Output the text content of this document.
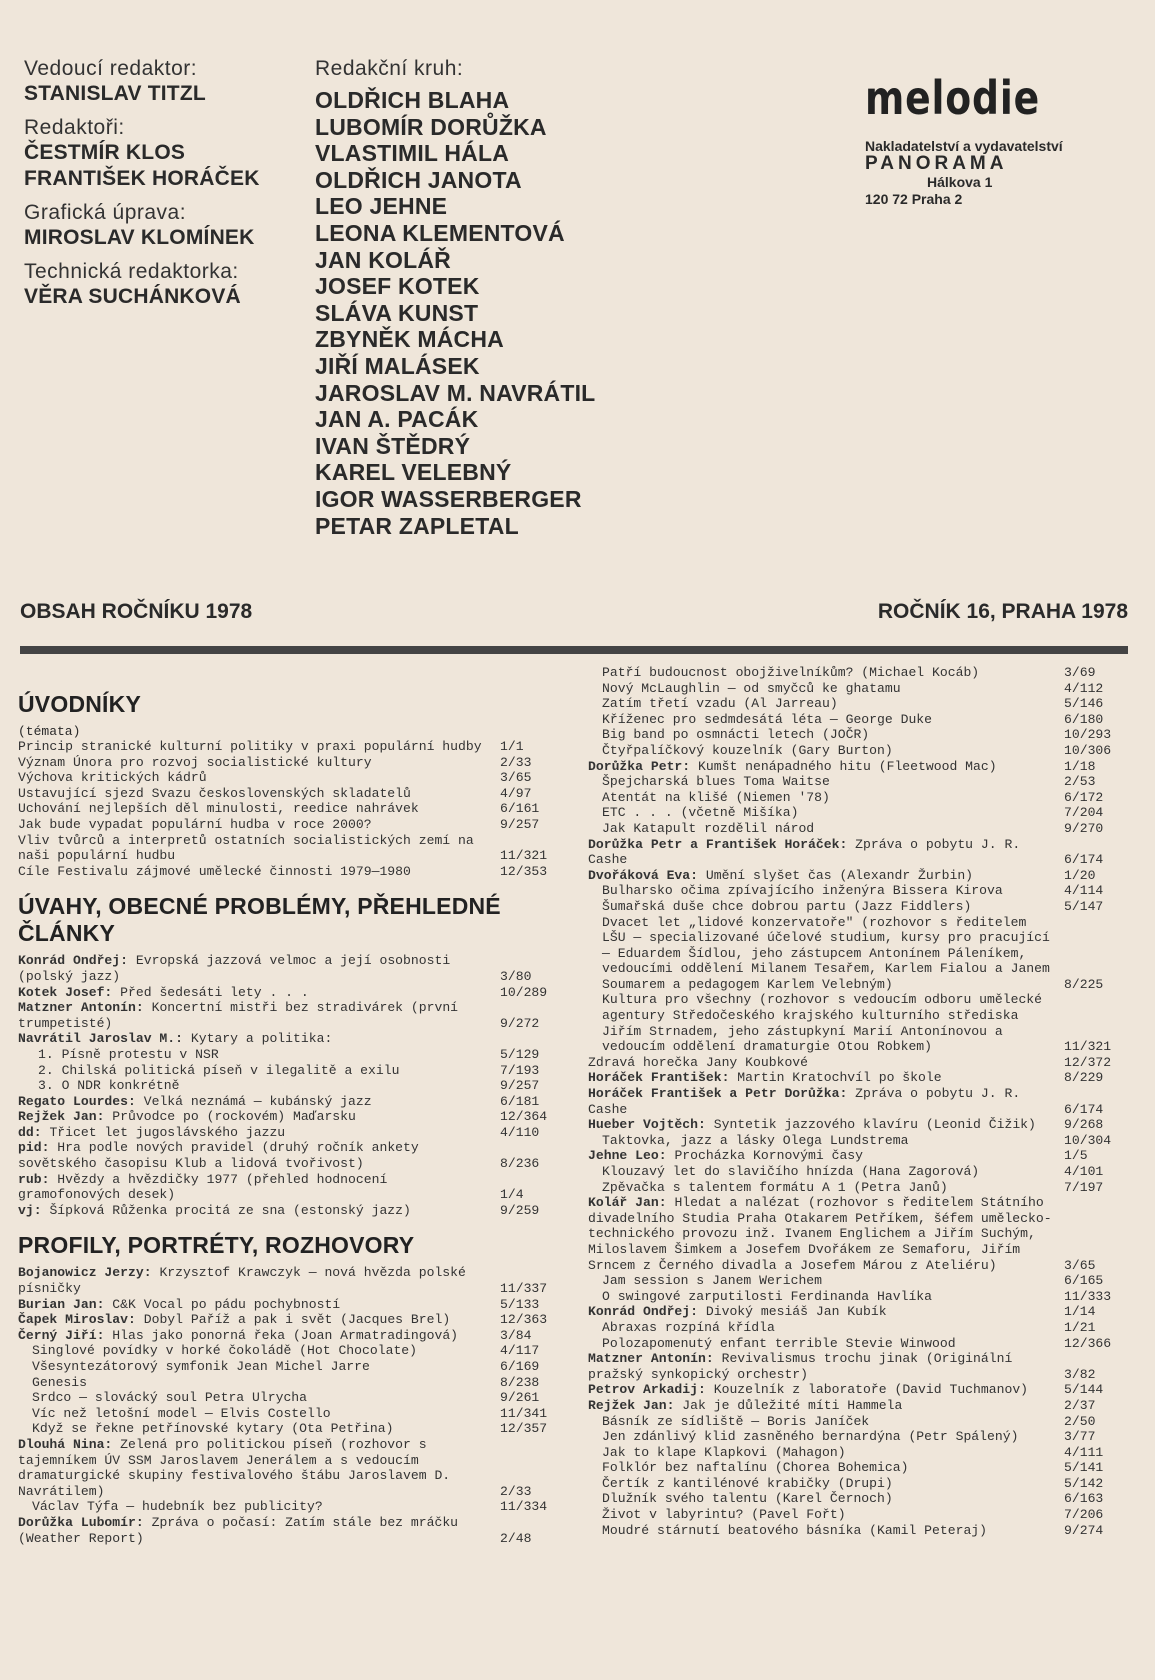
Vedoucí redaktor:
STANISLAV TITZL
Redaktoři:
ČESTMÍR KLOS
FRANTIŠEK HORÁČEK
Grafická úprava:
MIROSLAV KLOMÍNEK
Technická redaktorka:
VĚRA SUCHÁNKOVÁ
Redakční kruh:
OLDŘICH BLAHA
LUBOMÍR DORŮŽKA
VLASTIMIL HÁLA
OLDŘICH JANOTA
LEO JEHNE
LEONA KLEMENTOVÁ
JAN KOLÁŘ
JOSEF KOTEK
SLÁVA KUNST
ZBYNĚK MÁCHA
JIŘÍ MALÁSEK
JAROSLAV M. NAVRÁTIL
JAN A. PACÁK
IVAN ŠTĚDRÝ
KAREL VELEBNÝ
IGOR WASSERBERGER
PETAR ZAPLETAL
melodie
Nakladatelství a vydavatelství
PANORAMA
Hálkova 1
120 72 Praha 2
OBSAH ROČNÍKU 1978	ROČNÍK 16, PRAHA 1978
ÚVODNÍKY
(témata)
Princip stranické kulturní politiky v praxi populární hudby	1/1
Význam Února pro rozvoj socialistické kultury	2/33
Výchova kritických kádrů	3/65
Ustavující sjezd Svazu československých skladatelů	4/97
Uchování nejlepších děl minulosti, reedice nahrávek	6/161
Jak bude vypadat populární hudba v roce 2000?	9/257
Vliv tvůrců a interpretů ostatních socialistických zemí na naši populární hudbu	11/321
Cíle Festivalu zájmové umělecké činnosti 1979—1980	12/353
ÚVAHY, OBECNÉ PROBLÉMY, PŘEHLEDNÉ ČLÁNKY
Konrád Ondřej: Evropská jazzová velmoc a její osobnosti (polský jazz)	3/80
Kotek Josef: Před šedesáti lety . . .	10/289
Matzner Antonín: Koncertní mistři bez stradivárek (první trumpetisté)	9/272
Navrátil Jaroslav M.: Kytary a politika:
1. Písně protestu v NSR	5/129
2. Chilská politická píseň v ilegalitě a exilu	7/193
3. O NDR konkrétně	9/257
Regato Lourdes: Velká neznámá — kubánský jazz	6/181
Rejžek Jan: Průvodce po (rockovém) Maďarsku	12/364
dd: Třicet let jugoslávského jazzu	4/110
pid: Hra podle nových pravidel (druhý ročník ankety sovětského časopisu Klub a lidová tvořivost)	8/236
rub: Hvězdy a hvězdičky 1977 (přehled hodnocení gramofonových desek)	1/4
vj: Šípková Růženka procitá ze sna (estonský jazz)	9/259
PROFILY, PORTRÉTY, ROZHOVORY
Bojanowicz Jerzy: Krzysztof Krawczyk — nová hvězda polské písničky	11/337
Burian Jan: C&K Vocal po pádu pochybností	5/133
Čapek Miroslav: Dobyl Paříž a pak i svět (Jacques Brel)	12/363
Černý Jiří: Hlas jako ponorná řeka (Joan Armatradingová)	3/84
Singlové povídky v horké čokoládě (Hot Chocolate)	4/117
Všesyntezátorový symfonik Jean Michel Jarre	6/169
Genesis	8/238
Srdco — slovácký soul Petra Ulrycha	9/261
Víc než letošní model — Elvis Costello	11/341
Když se řekne petřínovské kytary (Ota Petřina)	12/357
Dlouhá Nina: Zelená pro politickou píseň (rozhovor s tajemníkem ÚV SSM Jaroslavem Jenerálem a s vedoucím dramaturgické skupiny festivalového štábu Jaroslavem D. Navrátilem)	2/33
Václav Týfa — hudebník bez publicity?	11/334
Dorůžka Lubomír: Zpráva o počasí: Zatím stále bez mráčku (Weather Report)	2/48
Patří budoucnost obojživelníkům? (Michael Kocáb)	3/69
Nový McLaughlin — od smyčců ke ghatamu	4/112
Zatím třetí vzadu (Al Jarreau)	5/146
Kříženec pro sedmdesátá léta — George Duke	6/180
Big band po osmnácti letech (JOČR)	10/293
Čtyřpalíčkový kouzelník (Gary Burton)	10/306
Dorůžka Petr: Kumšt nenápadného hitu (Fleetwood Mac)	1/18
Špejcharská blues Toma Waitse	2/53
Atentát na klišé (Niemen '78)	6/172
ETC . . . (včetně Mišíka)	7/204
Jak Katapult rozdělil národ	9/270
Dorůžka Petr a František Horáček: Zpráva o pobytu J. R. Cashe	6/174
Dvořáková Eva: Umění slyšet čas (Alexandr Žurbin)	1/20
Bulharsko očima zpívajícího inženýra Bissera Kirova	4/114
Šumařská duše chce dobrou partu (Jazz Fiddlers)	5/147
Dvacet let „lidové konzervatoře" (rozhovor s ředitelem LŠU — specializované účelové studium, kursy pro pracující — Eduardem Šídlou, jeho zástupcem Antonínem Páleníkem, vedoucími oddělení Milanem Tesařem, Karlem Fialou a Janem Soumarem a pedagogem Karlem Velebným)	8/225
Kultura pro všechny (rozhovor s vedoucím odboru umělecké agentury Středočeského krajského kulturního střediska Jiřím Strnadem, jeho zástupkyní Marií Antonínovou a vedoucím oddělení dramaturgie Otou Robkem)	11/321
Zdravá horečka Jany Koubkové	12/372
Horáček František: Martin Kratochvíl po škole	8/229
Horáček František a Petr Dorůžka: Zpráva o pobytu J. R. Cashe	6/174
Hueber Vojtěch: Syntetik jazzového klavíru (Leonid Čižik)	9/268
Taktovka, jazz a lásky Olega Lundstrema	10/304
Jehne Leo: Procházka Kornovými časy	1/5
Klouzavý let do slavičího hnízda (Hana Zagorová)	4/101
Zpěvačka s talentem formátu A 1 (Petra Janů)	7/197
Kolář Jan: Hledat a nalézat (rozhovor s ředitelem Státního divadelního Studia Praha Otakarem Petříkem, šéfem umělecko-technického provozu inž. Ivanem Englichem a Jiřím Suchým, Miloslavem Šimkem a Josefem Dvořákem ze Semaforu, Jiřím Srncem z Černého divadla a Josefem Márou z Ateliéru)	3/65
Jam session s Janem Werichem	6/165
O swingové zarputilosti Ferdinanda Havlíka	11/333
Konrád Ondřej: Divoký mesiáš Jan Kubík	1/14
Abraxas rozpíná křídla	1/21
Polozapomenutý enfant terrible Stevie Winwood	12/366
Matzner Antonín: Revivalismus trochu jinak (Originální pražský synkopický orchestr)	3/82
Petrov Arkadij: Kouzelník z laboratoře (David Tuchmanov)	5/144
Rejžek Jan: Jak je důležité míti Hammela	2/37
Básník ze sídliště — Boris Janíček	2/50
Jen zdánlivý klid zasněného bernardýna (Petr Spálený)	3/77
Jak to klape Klapkovi (Mahagon)	4/111
Folklór bez naftalínu (Chorea Bohemica)	5/141
Čertík z kantilénové krabičky (Drupi)	5/142
Dlužník svého talentu (Karel Černoch)	6/163
Život v labyrintu? (Pavel Fořt)	7/206
Moudré stárnutí beatového básníka (Kamil Peteraj)	9/274
